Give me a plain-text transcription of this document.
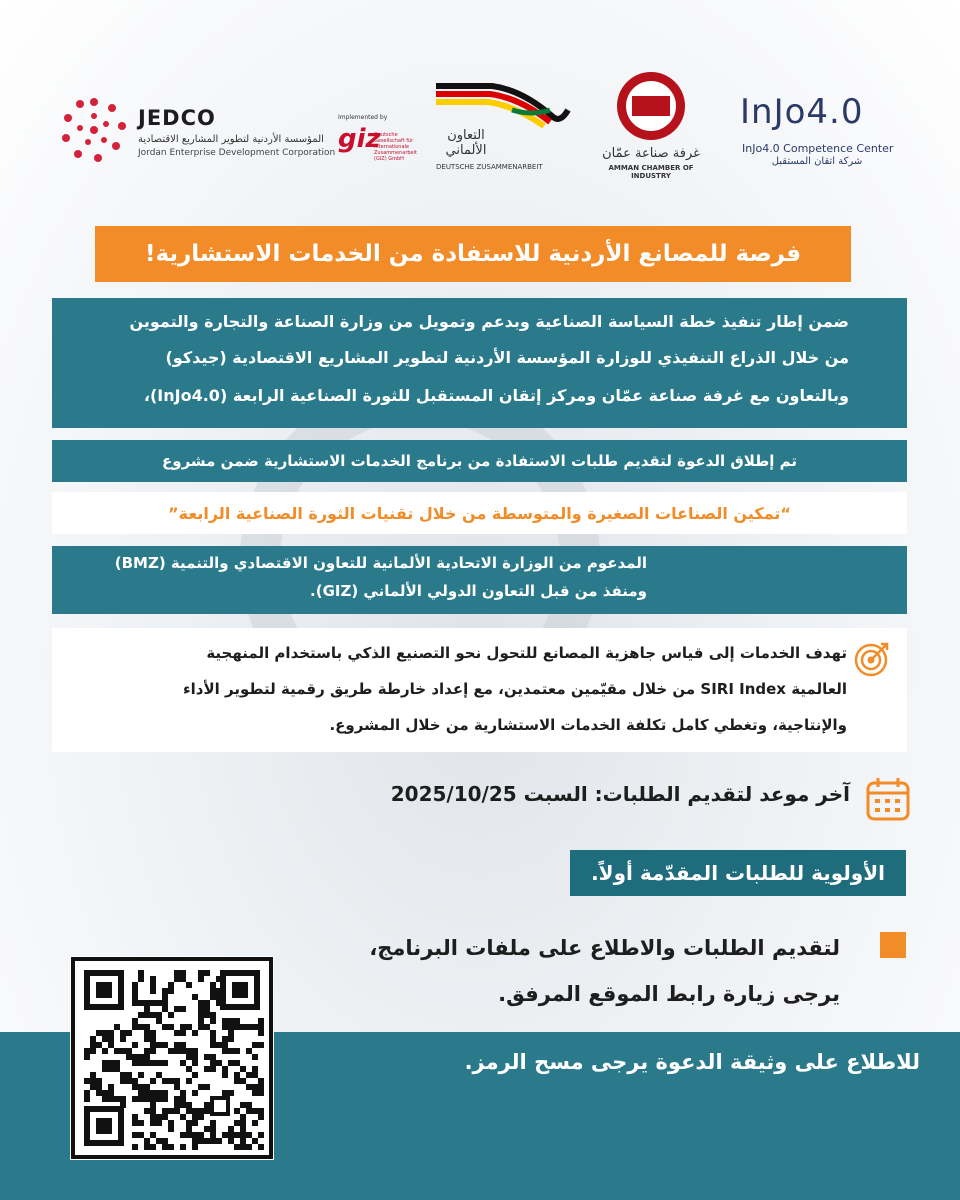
JEDCO
المؤسسة الأردنية لتطوير المشاريع الاقتصادية
Jordan Enterprise Development Corporation
Implemented by
giz
Deutsche Gesellschaft für Internationale Zusammenarbeit (GIZ) GmbH
التعاون الألماني
DEUTSCHE ZUSAMMENARBEIT
غرفة صناعة عمّان
AMMAN CHAMBER OF INDUSTRY
InJo4.0
InJo4.0 Competence Center
شركة اتقان المستقبل
فرصة للمصانع الأردنية للاستفادة من الخدمات الاستشارية!
ضمن إطار تنفيذ خطة السياسة الصناعية وبدعم وتمويل من وزارة الصناعة والتجارة والتموين
من خلال الذراع التنفيذي للوزارة المؤسسة الأردنية لتطوير المشاريع الاقتصادية (جيدكو)
وبالتعاون مع غرفة صناعة عمّان ومركز إتقان المستقبل للثورة الصناعية الرابعة (InJo4.0)،
تم إطلاق الدعوة لتقديم طلبات الاستفادة من برنامج الخدمات الاستشارية ضمن مشروع
“تمكين الصناعات الصغيرة والمتوسطة من خلال تقنيات الثورة الصناعية الرابعة”
المدعوم من الوزارة الاتحادية الألمانية للتعاون الاقتصادي والتنمية (BMZ)
ومنفذ من قبل التعاون الدولي الألماني (GIZ).
تهدف الخدمات إلى قياس جاهزية المصانع للتحول نحو التصنيع الذكي باستخدام المنهجية
العالمية SIRI Index من خلال مقيّمين معتمدين، مع إعداد خارطة طريق رقمية لتطوير الأداء
والإنتاجية، وتغطي كامل تكلفة الخدمات الاستشارية من خلال المشروع.
آخر موعد لتقديم الطلبات: السبت 2025/10/25
الأولوية للطلبات المقدّمة أولاً.
لتقديم الطلبات والاطلاع على ملفات البرنامج،
يرجى زيارة رابط الموقع المرفق.
للاطلاع على وثيقة الدعوة يرجى مسح الرمز.
